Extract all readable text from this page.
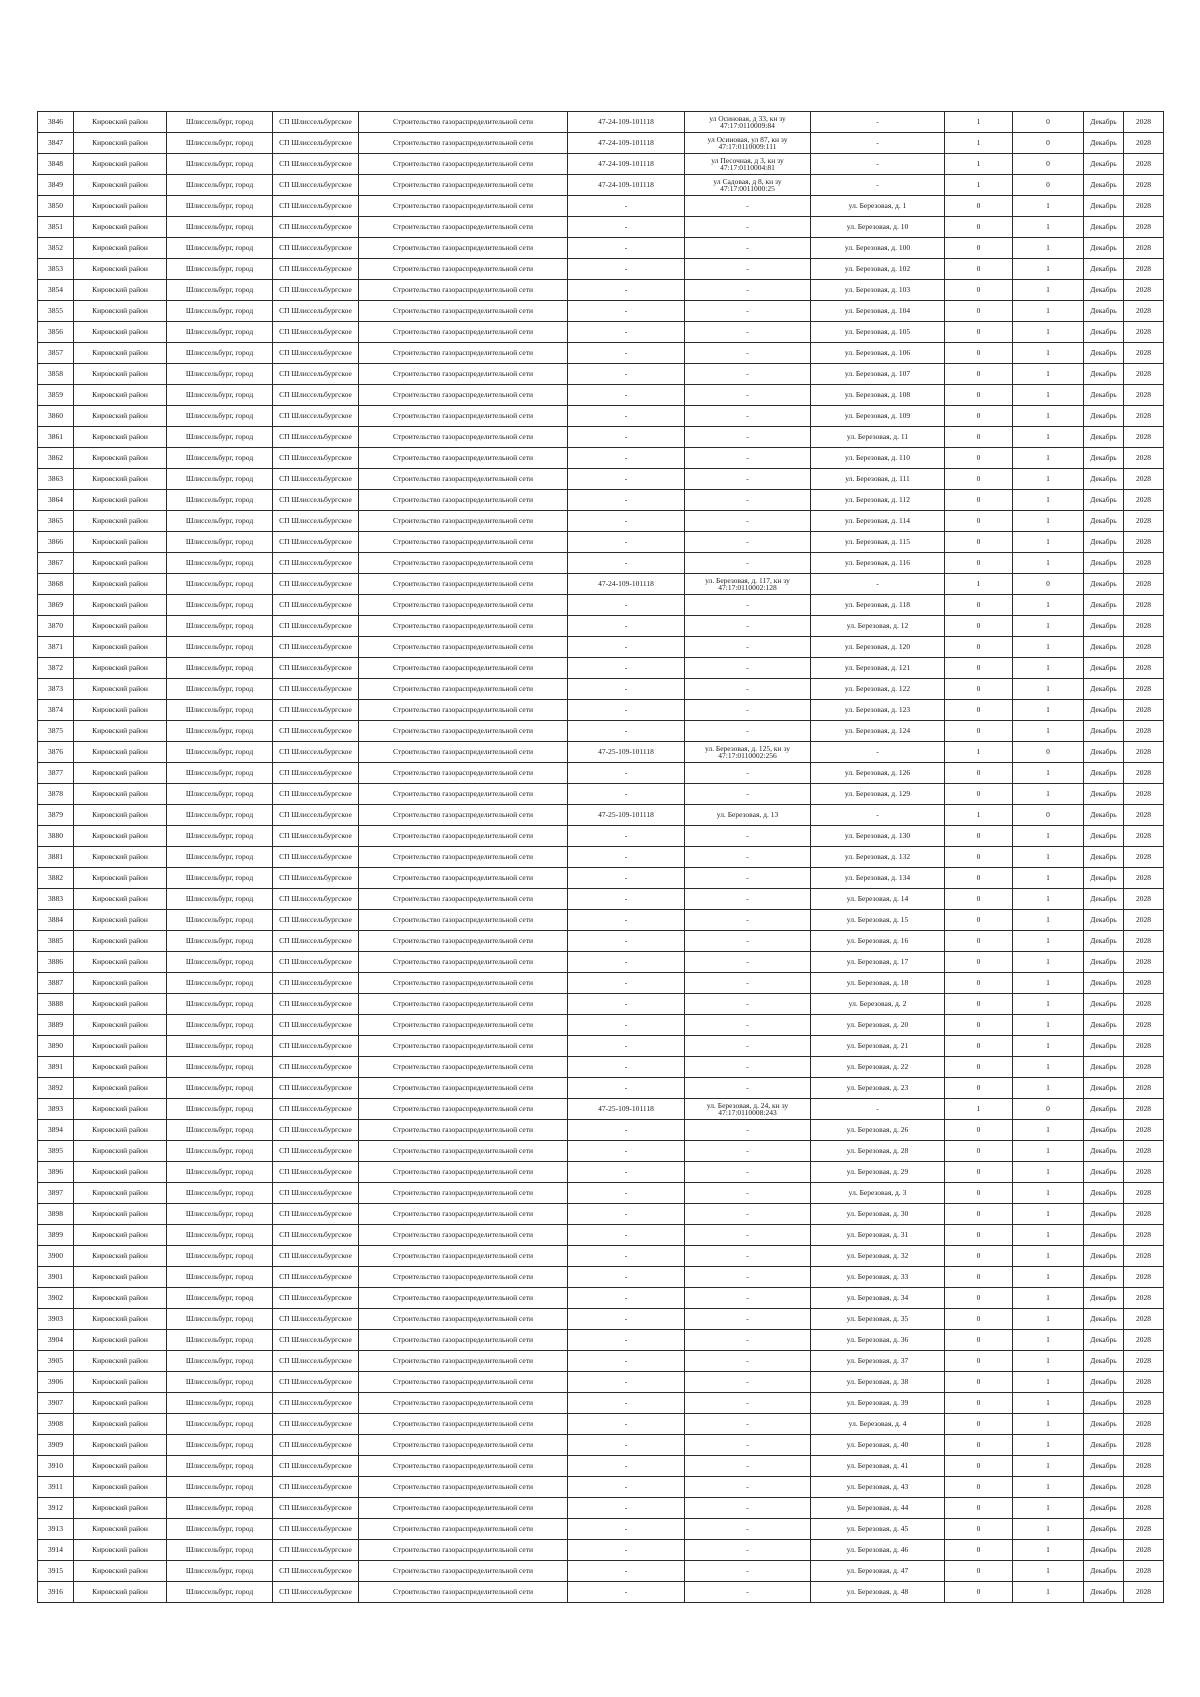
3846	Кировский район	Шлиссельбург, город	СП Шлиссельбургское	Строительство газораспределительной сети	47-24-109-101118	ул Осиновая, д 33, кн зу 47:17:0110009:84	-	1	0	Декабрь	2028
3847	Кировский район	Шлиссельбург, город	СП Шлиссельбургское	Строительство газораспределительной сети	47-24-109-101118	ул Осиновая, ул 87, кн зу 47:17:0110009:111	-	1	0	Декабрь	2028
3848	Кировский район	Шлиссельбург, город	СП Шлиссельбургское	Строительство газораспределительной сети	47-24-109-101118	ул Песочная, д 3, кн зу 47:17:0110004:81	-	1	0	Декабрь	2028
3849	Кировский район	Шлиссельбург, город	СП Шлиссельбургское	Строительство газораспределительной сети	47-24-109-101118	ул Садовая, д 8, кн зу 47:17:0011000:25	-	1	0	Декабрь	2028
3850	Кировский район	Шлиссельбург, город	СП Шлиссельбургское	Строительство газораспределительной сети	-	-	ул. Березовая, д. 1	0	1	Декабрь	2028
3851	Кировский район	Шлиссельбург, город	СП Шлиссельбургское	Строительство газораспределительной сети	-	-	ул. Березовая, д. 10	0	1	Декабрь	2028
3852	Кировский район	Шлиссельбург, город	СП Шлиссельбургское	Строительство газораспределительной сети	-	-	ул. Березовая, д. 100	0	1	Декабрь	2028
3853	Кировский район	Шлиссельбург, город	СП Шлиссельбургское	Строительство газораспределительной сети	-	-	ул. Березовая, д. 102	0	1	Декабрь	2028
3854	Кировский район	Шлиссельбург, город	СП Шлиссельбургское	Строительство газораспределительной сети	-	-	ул. Березовая, д. 103	0	1	Декабрь	2028
3855	Кировский район	Шлиссельбург, город	СП Шлиссельбургское	Строительство газораспределительной сети	-	-	ул. Березовая, д. 104	0	1	Декабрь	2028
3856	Кировский район	Шлиссельбург, город	СП Шлиссельбургское	Строительство газораспределительной сети	-	-	ул. Березовая, д. 105	0	1	Декабрь	2028
3857	Кировский район	Шлиссельбург, город	СП Шлиссельбургское	Строительство газораспределительной сети	-	-	ул. Березовая, д. 106	0	1	Декабрь	2028
3858	Кировский район	Шлиссельбург, город	СП Шлиссельбургское	Строительство газораспределительной сети	-	-	ул. Березовая, д. 107	0	1	Декабрь	2028
3859	Кировский район	Шлиссельбург, город	СП Шлиссельбургское	Строительство газораспределительной сети	-	-	ул. Березовая, д. 108	0	1	Декабрь	2028
3860	Кировский район	Шлиссельбург, город	СП Шлиссельбургское	Строительство газораспределительной сети	-	-	ул. Березовая, д. 109	0	1	Декабрь	2028
3861	Кировский район	Шлиссельбург, город	СП Шлиссельбургское	Строительство газораспределительной сети	-	-	ул. Березовая, д. 11	0	1	Декабрь	2028
3862	Кировский район	Шлиссельбург, город	СП Шлиссельбургское	Строительство газораспределительной сети	-	-	ул. Березовая, д. 110	0	1	Декабрь	2028
3863	Кировский район	Шлиссельбург, город	СП Шлиссельбургское	Строительство газораспределительной сети	-	-	ул. Березовая, д. 111	0	1	Декабрь	2028
3864	Кировский район	Шлиссельбург, город	СП Шлиссельбургское	Строительство газораспределительной сети	-	-	ул. Березовая, д. 112	0	1	Декабрь	2028
3865	Кировский район	Шлиссельбург, город	СП Шлиссельбургское	Строительство газораспределительной сети	-	-	ул. Березовая, д. 114	0	1	Декабрь	2028
3866	Кировский район	Шлиссельбург, город	СП Шлиссельбургское	Строительство газораспределительной сети	-	-	ул. Березовая, д. 115	0	1	Декабрь	2028
3867	Кировский район	Шлиссельбург, город	СП Шлиссельбургское	Строительство газораспределительной сети	-	-	ул. Березовая, д. 116	0	1	Декабрь	2028
3868	Кировский район	Шлиссельбург, город	СП Шлиссельбургское	Строительство газораспределительной сети	47-24-109-101118	ул. Березовая, д. 117, кн зу 47:17:0110002:128	-	1	0	Декабрь	2028
3869	Кировский район	Шлиссельбург, город	СП Шлиссельбургское	Строительство газораспределительной сети	-	-	ул. Березовая, д. 118	0	1	Декабрь	2028
3870	Кировский район	Шлиссельбург, город	СП Шлиссельбургское	Строительство газораспределительной сети	-	-	ул. Березовая, д. 12	0	1	Декабрь	2028
3871	Кировский район	Шлиссельбург, город	СП Шлиссельбургское	Строительство газораспределительной сети	-	-	ул. Березовая, д. 120	0	1	Декабрь	2028
3872	Кировский район	Шлиссельбург, город	СП Шлиссельбургское	Строительство газораспределительной сети	-	-	ул. Березовая, д. 121	0	1	Декабрь	2028
3873	Кировский район	Шлиссельбург, город	СП Шлиссельбургское	Строительство газораспределительной сети	-	-	ул. Березовая, д. 122	0	1	Декабрь	2028
3874	Кировский район	Шлиссельбург, город	СП Шлиссельбургское	Строительство газораспределительной сети	-	-	ул. Березовая, д. 123	0	1	Декабрь	2028
3875	Кировский район	Шлиссельбург, город	СП Шлиссельбургское	Строительство газораспределительной сети	-	-	ул. Березовая, д. 124	0	1	Декабрь	2028
3876	Кировский район	Шлиссельбург, город	СП Шлиссельбургское	Строительство газораспределительной сети	47-25-109-101118	ул. Березовая, д. 125, кн зу 47:17:0110002:256	-	1	0	Декабрь	2028
3877	Кировский район	Шлиссельбург, город	СП Шлиссельбургское	Строительство газораспределительной сети	-	-	ул. Березовая, д. 126	0	1	Декабрь	2028
3878	Кировский район	Шлиссельбург, город	СП Шлиссельбургское	Строительство газораспределительной сети	-	-	ул. Березовая, д. 129	0	1	Декабрь	2028
3879	Кировский район	Шлиссельбург, город	СП Шлиссельбургское	Строительство газораспределительной сети	47-25-109-101118	ул. Березовая, д. 13	-	1	0	Декабрь	2028
3880	Кировский район	Шлиссельбург, город	СП Шлиссельбургское	Строительство газораспределительной сети	-	-	ул. Березовая, д. 130	0	1	Декабрь	2028
3881	Кировский район	Шлиссельбург, город	СП Шлиссельбургское	Строительство газораспределительной сети	-	-	ул. Березовая, д. 132	0	1	Декабрь	2028
3882	Кировский район	Шлиссельбург, город	СП Шлиссельбургское	Строительство газораспределительной сети	-	-	ул. Березовая, д. 134	0	1	Декабрь	2028
3883	Кировский район	Шлиссельбург, город	СП Шлиссельбургское	Строительство газораспределительной сети	-	-	ул. Березовая, д. 14	0	1	Декабрь	2028
3884	Кировский район	Шлиссельбург, город	СП Шлиссельбургское	Строительство газораспределительной сети	-	-	ул. Березовая, д. 15	0	1	Декабрь	2028
3885	Кировский район	Шлиссельбург, город	СП Шлиссельбургское	Строительство газораспределительной сети	-	-	ул. Березовая, д. 16	0	1	Декабрь	2028
3886	Кировский район	Шлиссельбург, город	СП Шлиссельбургское	Строительство газораспределительной сети	-	-	ул. Березовая, д. 17	0	1	Декабрь	2028
3887	Кировский район	Шлиссельбург, город	СП Шлиссельбургское	Строительство газораспределительной сети	-	-	ул. Березовая, д. 18	0	1	Декабрь	2028
3888	Кировский район	Шлиссельбург, город	СП Шлиссельбургское	Строительство газораспределительной сети	-	-	ул. Березовая, д. 2	0	1	Декабрь	2028
3889	Кировский район	Шлиссельбург, город	СП Шлиссельбургское	Строительство газораспределительной сети	-	-	ул. Березовая, д. 20	0	1	Декабрь	2028
3890	Кировский район	Шлиссельбург, город	СП Шлиссельбургское	Строительство газораспределительной сети	-	-	ул. Березовая, д. 21	0	1	Декабрь	2028
3891	Кировский район	Шлиссельбург, город	СП Шлиссельбургское	Строительство газораспределительной сети	-	-	ул. Березовая, д. 22	0	1	Декабрь	2028
3892	Кировский район	Шлиссельбург, город	СП Шлиссельбургское	Строительство газораспределительной сети	-	-	ул. Березовая, д. 23	0	1	Декабрь	2028
3893	Кировский район	Шлиссельбург, город	СП Шлиссельбургское	Строительство газораспределительной сети	47-25-109-101118	ул. Березовая, д. 24, кн зу 47:17:0110008:243	-	1	0	Декабрь	2028
3894	Кировский район	Шлиссельбург, город	СП Шлиссельбургское	Строительство газораспределительной сети	-	-	ул. Березовая, д. 26	0	1	Декабрь	2028
3895	Кировский район	Шлиссельбург, город	СП Шлиссельбургское	Строительство газораспределительной сети	-	-	ул. Березовая, д. 28	0	1	Декабрь	2028
3896	Кировский район	Шлиссельбург, город	СП Шлиссельбургское	Строительство газораспределительной сети	-	-	ул. Березовая, д. 29	0	1	Декабрь	2028
3897	Кировский район	Шлиссельбург, город	СП Шлиссельбургское	Строительство газораспределительной сети	-	-	ул. Березовая, д. 3	0	1	Декабрь	2028
3898	Кировский район	Шлиссельбург, город	СП Шлиссельбургское	Строительство газораспределительной сети	-	-	ул. Березовая, д. 30	0	1	Декабрь	2028
3899	Кировский район	Шлиссельбург, город	СП Шлиссельбургское	Строительство газораспределительной сети	-	-	ул. Березовая, д. 31	0	1	Декабрь	2028
3900	Кировский район	Шлиссельбург, город	СП Шлиссельбургское	Строительство газораспределительной сети	-	-	ул. Березовая, д. 32	0	1	Декабрь	2028
3901	Кировский район	Шлиссельбург, город	СП Шлиссельбургское	Строительство газораспределительной сети	-	-	ул. Березовая, д. 33	0	1	Декабрь	2028
3902	Кировский район	Шлиссельбург, город	СП Шлиссельбургское	Строительство газораспределительной сети	-	-	ул. Березовая, д. 34	0	1	Декабрь	2028
3903	Кировский район	Шлиссельбург, город	СП Шлиссельбургское	Строительство газораспределительной сети	-	-	ул. Березовая, д. 35	0	1	Декабрь	2028
3904	Кировский район	Шлиссельбург, город	СП Шлиссельбургское	Строительство газораспределительной сети	-	-	ул. Березовая, д. 36	0	1	Декабрь	2028
3905	Кировский район	Шлиссельбург, город	СП Шлиссельбургское	Строительство газораспределительной сети	-	-	ул. Березовая, д. 37	0	1	Декабрь	2028
3906	Кировский район	Шлиссельбург, город	СП Шлиссельбургское	Строительство газораспределительной сети	-	-	ул. Березовая, д. 38	0	1	Декабрь	2028
3907	Кировский район	Шлиссельбург, город	СП Шлиссельбургское	Строительство газораспределительной сети	-	-	ул. Березовая, д. 39	0	1	Декабрь	2028
3908	Кировский район	Шлиссельбург, город	СП Шлиссельбургское	Строительство газораспределительной сети	-	-	ул. Березовая, д. 4	0	1	Декабрь	2028
3909	Кировский район	Шлиссельбург, город	СП Шлиссельбургское	Строительство газораспределительной сети	-	-	ул. Березовая, д. 40	0	1	Декабрь	2028
3910	Кировский район	Шлиссельбург, город	СП Шлиссельбургское	Строительство газораспределительной сети	-	-	ул. Березовая, д. 41	0	1	Декабрь	2028
3911	Кировский район	Шлиссельбург, город	СП Шлиссельбургское	Строительство газораспределительной сети	-	-	ул. Березовая, д. 43	0	1	Декабрь	2028
3912	Кировский район	Шлиссельбург, город	СП Шлиссельбургское	Строительство газораспределительной сети	-	-	ул. Березовая, д. 44	0	1	Декабрь	2028
3913	Кировский район	Шлиссельбург, город	СП Шлиссельбургское	Строительство газораспределительной сети	-	-	ул. Березовая, д. 45	0	1	Декабрь	2028
3914	Кировский район	Шлиссельбург, город	СП Шлиссельбургское	Строительство газораспределительной сети	-	-	ул. Березовая, д. 46	0	1	Декабрь	2028
3915	Кировский район	Шлиссельбург, город	СП Шлиссельбургское	Строительство газораспределительной сети	-	-	ул. Березовая, д. 47	0	1	Декабрь	2028
3916	Кировский район	Шлиссельбург, город	СП Шлиссельбургское	Строительство газораспределительной сети	-	-	ул. Березовая, д. 48	0	1	Декабрь	2028
